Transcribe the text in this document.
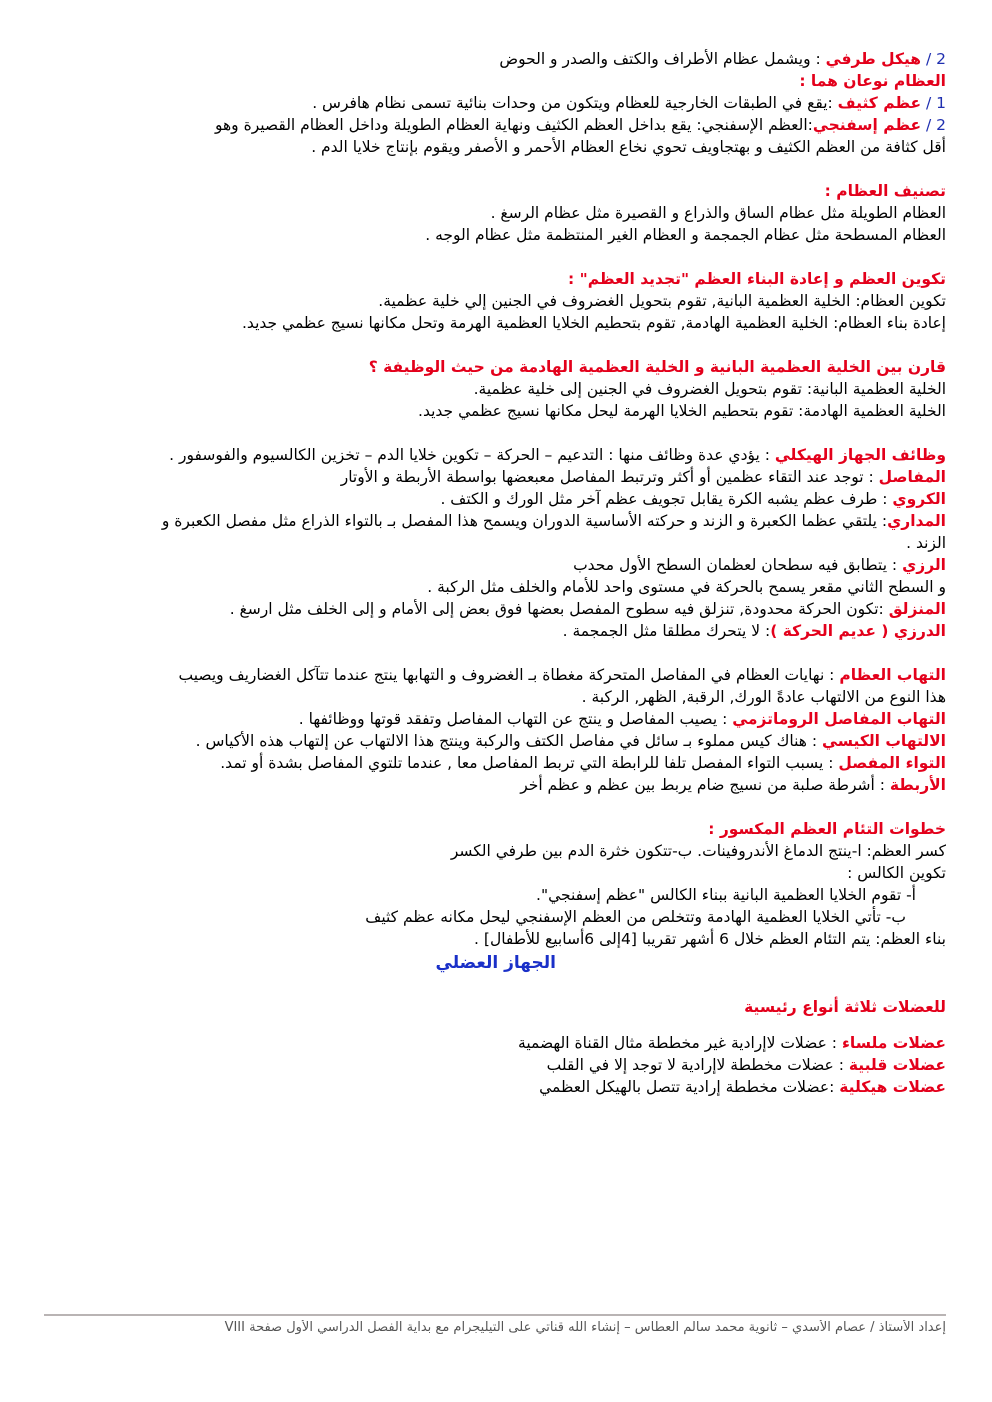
2 / هيكل طرفي : ويشمل عظام الأطراف والكتف والصدر و الحوض
العظام نوعان هما :
1 / عظم كثيف :يقع في الطبقات الخارجية للعظام ويتكون من وحدات بنائية تسمى نظام هافرس .
2 / عظم إسفنجي:العظم الإسفنجي: يقع بداخل العظم الكثيف ونهاية العظام الطويلة وداخل العظام القصيرة وهو
أقل كثافة من العظم الكثيف و بهتجاويف تحوي نخاع العظام الأحمر و الأصفر ويقوم بإنتاج خلايا الدم .
تصنيف العظام :
العظام الطويلة مثل عظام الساق والذراع و القصيرة مثل عظام الرسغ .
العظام المسطحة مثل عظام الجمجمة و العظام الغير المنتظمة مثل عظام الوجه .
تكوين العظم و إعادة البناء العظم "تجديد العظم" :
تكوين العظام: الخلية العظمية البانية, تقوم بتحويل الغضروف في الجنين إلي خلية عظمية.
إعادة بناء العظام: الخلية العظمية الهادمة, تقوم بتحطيم الخلايا العظمية الهرمة وتحل مكانها نسيج عظمي جديد.
قارن بين الخلية العظمية البانية و الخلية العظمية الهادمة من حيث الوظيفة ؟
الخلية العظمية البانية: تقوم بتحويل الغضروف في الجنين إلى خلية عظمية.
الخلية العظمية الهادمة: تقوم بتحطيم الخلايا الهرمة ليحل مكانها نسيج عظمي جديد.
وظائف الجهاز الهيكلي : يؤدي عدة وظائف منها : التدعيم – الحركة – تكوين خلايا الدم – تخزين الكالسيوم والفوسفور .
المفاصل : توجد عند التقاء عظمين أو أكثر وترتبط المفاصل معبعضها بواسطة الأربطة و الأوتار
الكروي : طرف عظم يشبه الكرة يقابل تجويف عظم آخر مثل الورك و الكتف .
المداري: يلتقي عظما الكعبرة و الزند و حركته الأساسية الدوران ويسمح هذا المفصل بـ بالتواء الذراع مثل مفصل الكعبرة و
الزند .
الرزي : يتطابق فيه سطحان لعظمان السطح الأول محدب
و السطح الثاني مقعر يسمح بالحركة في مستوى واحد للأمام والخلف مثل الركبة .
المنزلق :تكون الحركة محدودة, تنزلق فيه سطوح المفصل بعضها فوق بعض إلى الأمام و إلى الخلف مثل ارسغ .
الدرزي ( عديم الحركة ): لا يتحرك مطلقا مثل الجمجمة .
التهاب العظام : نهايات العظام في المفاصل المتحركة مغطاة بـ الغضروف و التهابها ينتج عندما تتآكل الغضاريف ويصيب
هذا النوع من الالتهاب عادةً الورك, الرقبة, الظهر, الركبة .
التهاب المفاصل الروماتزمي : يصيب المفاصل و ينتج عن التهاب المفاصل وتفقد قوتها ووظائفها .
الالتهاب الكيسي : هناك كيس مملوء بـ سائل في مفاصل الكتف والركبة وينتج هذا الالتهاب عن إلتهاب هذه الأكياس .
التواء المفصل : يسبب التواء المفصل تلفا للرابطة التي تربط المفاصل معا , عندما تلتوي المفاصل بشدة أو تمد.
الأربطة : أشرطة صلبة من نسيج ضام يربط بين عظم و عظم أخر
خطوات التئام العظم المكسور :
كسر العظم: ا-ينتج الدماغ الأندروفينات. ب-تتكون خثرة الدم بين طرفي الكسر
تكوين الكالس :
أ- تقوم الخلايا العظمية البانية ببناء الكالس "عظم إسفنجي".
ب- تأتي الخلايا العظمية الهادمة وتتخلص من العظم الإسفنجي ليحل مكانه عظم كثيف
بناء العظم: يتم التئام العظم خلال 6 أشهر تقريبا [4إلى 6أسابيع للأطفال] .
الجهاز العضلي
للعضلات ثلاثة أنواع رئيسية
عضلات ملساء : عضلات لاإرادية غير مخططة مثال القناة الهضمية
عضلات قلبية : عضلات مخططة لاإرادية لا توجد إلا في القلب
عضلات هيكلية :عضلات مخططة إرادية تتصل بالهيكل العظمي
إعداد الأستاذ / عصام الأسدي – ثانوية محمد سالم العطاس – إنشاء الله قناتي على التيليجرام مع بداية الفصل الدراسي الأول صفحة VIII
